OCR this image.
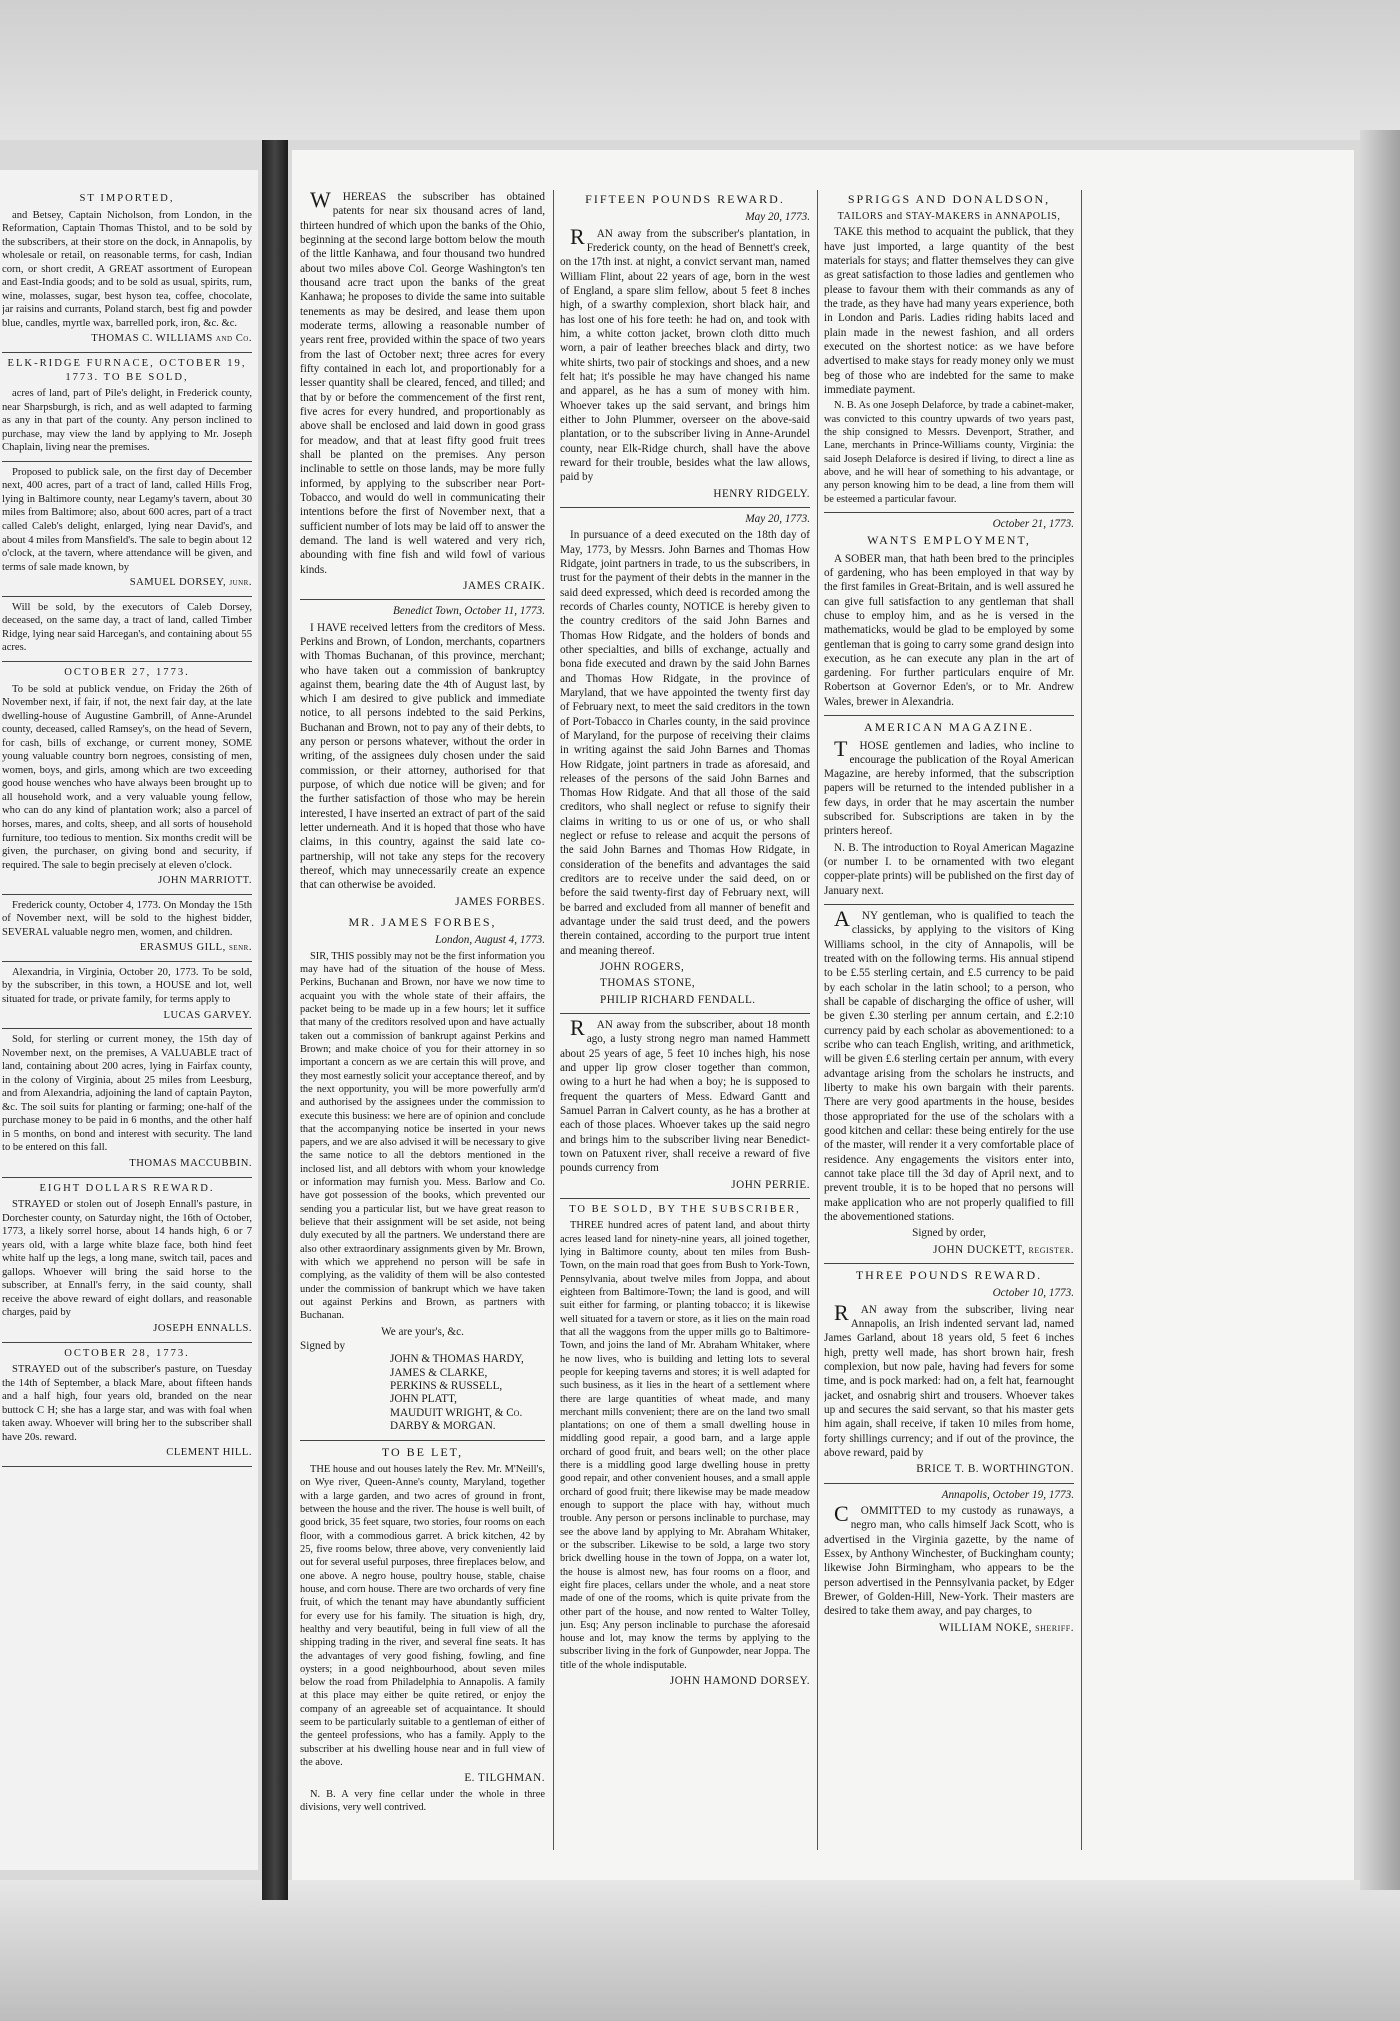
ST IMPORTED,

and Betsey, Captain Nicholson, from London, in the Reformation, Captain Thomas Thistol, and to be sold by the subscribers, at their store on the dock, in Annapolis, by wholesale or retail, on reasonable terms, for cash, Indian corn, or short credit, A GREAT assortment of European and East-India goods; and to be sold as usual, spirits, rum, wine, molasses, sugar, best hyson tea, coffee, chocolate, jar raisins and currants, Poland starch, best fig and powder blue, candles, myrtle wax, barrelled pork, iron, &c. &c.

THOMAS C. WILLIAMS and Co.
ELK-RIDGE FURNACE, OCTOBER 19, 1773. TO BE SOLD,

acres of land, part of Pile's delight, in Frederick county, near Sharpsburgh, is rich, and as well adapted to farming as any in that part of the county. Any person inclined to purchase, may view the land by applying to Mr. Joseph Chaplain, living near the premises.

Proposed to publick sale, on the first day of December next, 400 acres, part of a tract of land, called Hills Frog, lying in Baltimore county, near Legamy's tavern, about 30 miles from Baltimore; also, about 600 acres, part of a tract called Caleb's delight, enlarged, lying near David's, and about 4 miles from Mansfield's. The sale to begin about 12 o'clock, at the tavern, where attendance will be given, and terms of sale made known, by

SAMUEL DORSEY, junr.

Will be sold, by the executors of Caleb Dorsey, deceased, on the same day, a tract of land, called Timber Ridge, lying near said Harcegan's, and containing about 55 acres.

OCTOBER 27, 1773.

To be sold at publick vendue, on Friday the 26th of November next, if fair, if not, the next fair day, at the late dwelling-house of Augustine Gambrill, of Anne-Arundel county, deceased, called Ramsey's, on the head of Severn, for cash, bills of exchange, or current money, SOME young valuable country born negroes, consisting of men, women, boys, and girls, among which are two exceeding good house wenches who have always been brought up to all household work, and a very valuable young fellow, who can do any kind of plantation work; also a parcel of horses, mares, and colts, sheep, and all sorts of household furniture, too tedious to mention. Six months credit will be given, the purchaser, on giving bond and security, if required. The sale to begin precisely at eleven o'clock.

JOHN MARRIOTT.

Frederick county, October 4, 1773. On Monday the 15th of November next, will be sold to the highest bidder, SEVERAL valuable negro men, women, and children.

ERASMUS GILL, senr.

Alexandria, in Virginia, October 20, 1773. To be sold, by the subscriber, in this town, a HOUSE and lot, well situated for trade, or private family, for terms apply to

LUCAS GARVEY.

Sold, for sterling or current money, the 15th day of November next, on the premises, A VALUABLE tract of land, containing about 200 acres, lying in Fairfax county, in the colony of Virginia, about 25 miles from Leesburg, and from Alexandria, adjoining the land of captain Payton, &c. The soil suits for planting or farming; one-half of the purchase money to be paid in 6 months, and the other half in 5 months, on bond and interest with security. The land to be entered on this fall.

THOMAS MACCUBBIN.
EIGHT DOLLARS REWARD.

STRAYED or stolen out of Joseph Ennall's pasture, in Dorchester county, on Saturday night, the 16th of October, 1773, a likely sorrel horse, about 14 hands high, 6 or 7 years old, with a large white blaze face, both hind feet white half up the legs, a long mane, switch tail, paces and gallops. Whoever will bring the said horse to the subscriber, at Ennall's ferry, in the said county, shall receive the above reward of eight dollars, and reasonable charges, paid by

JOSEPH ENNALLS.
OCTOBER 28, 1773.

STRAYED out of the subscriber's pasture, on Tuesday the 14th of September, a black Mare, about fifteen hands and a half high, four years old, branded on the near buttock C H; she has a large star, and was with foal when taken away. Whoever will bring her to the subscriber shall have 20s. reward.

CLEMENT HILL.

WHEREAS the subscriber has obtained patents for near six thousand acres of land, thirteen hundred of which upon the banks of the Ohio, beginning at the second large bottom below the mouth of the little Kanhawa, and four thousand two hundred about two miles above Col. George Washington's ten thousand acre tract upon the banks of the great Kanhawa; he proposes to divide the same into suitable tenements as may be desired, and lease them upon moderate terms, allowing a reasonable number of years rent free, provided within the space of two years from the last of October next; three acres for every fifty contained in each lot, and proportionably for a lesser quantity shall be cleared, fenced, and tilled; and that by or before the commencement of the first rent, five acres for every hundred, and proportionably as above shall be enclosed and laid down in good grass for meadow, and that at least fifty good fruit trees shall be planted on the premises. Any person inclinable to settle on those lands, may be more fully informed, by applying to the subscriber near Port-Tobacco, and would do well in communicating their intentions before the first of November next, that a sufficient number of lots may be laid off to answer the demand. The land is well watered and very rich, abounding with fine fish and wild fowl of various kinds.

JAMES CRAIK.
Benedict Town, October 11, 1773.

I HAVE received letters from the creditors of Mess. Perkins and Brown, of London, merchants, copartners with Thomas Buchanan, of this province, merchant; who have taken out a commission of bankruptcy against them, bearing date the 4th of August last, by which I am desired to give publick and immediate notice, to all persons indebted to the said Perkins, Buchanan and Brown, not to pay any of their debts, to any person or persons whatever, without the order in writing, of the assignees duly chosen under the said commission, or their attorney, authorised for that purpose, of which due notice will be given; and for the further satisfaction of those who may be herein interested, I have inserted an extract of part of the said letter underneath. And it is hoped that those who have claims, in this country, against the said late co-partnership, will not take any steps for the recovery thereof, which may unnecessarily create an expence that can otherwise be avoided.

JAMES FORBES.
MR. JAMES FORBES,
London, August 4, 1773.

SIR, THIS possibly may not be the first information you may have had of the situation of the house of Mess. Perkins, Buchanan and Brown, nor have we now time to acquaint you with the whole state of their affairs, the packet being to be made up in a few hours; let it suffice that many of the creditors resolved upon and have actually taken out a commission of bankrupt against Perkins and Brown; and make choice of you for their attorney in so important a concern as we are certain this will prove, and they most earnestly solicit your acceptance thereof, and by the next opportunity, you will be more powerfully arm'd and authorised by the assignees under the commission to execute this business: we here are of opinion and conclude that the accompanying notice be inserted in your news papers, and we are also advised it will be necessary to give the same notice to all the debtors mentioned in the inclosed list, and all debtors with whom your knowledge or information may furnish you. Mess. Barlow and Co. have got possession of the books, which prevented our sending you a particular list, but we have great reason to believe that their assignment will be set aside, not being duly executed by all the partners. We understand there are also other extraordinary assignments given by Mr. Brown, with which we apprehend no person will be safe in complying, as the validity of them will be also contested under the commission of bankrupt which we have taken out against Perkins and Brown, as partners with Buchanan.

We are your's, &c.
Signed by
JOHN & THOMAS HARDY,
JAMES & CLARKE,
PERKINS & RUSSELL,
JOHN PLATT,
MAUDUIT WRIGHT, & Co.
DARBY & MORGAN.
TO BE LET,

THE house and out houses lately the Rev. Mr. M'Neill's, on Wye river, Queen-Anne's county, Maryland, together with a large garden, and two acres of ground in front, between the house and the river. The house is well built, of good brick, 35 feet square, two stories, four rooms on each floor, with a commodious garret. A brick kitchen, 42 by 25, five rooms below, three above, very conveniently laid out for several useful purposes, three fireplaces below, and one above. A negro house, poultry house, stable, chaise house, and corn house. There are two orchards of very fine fruit, of which the tenant may have abundantly sufficient for every use for his family. The situation is high, dry, healthy and very beautiful, being in full view of all the shipping trading in the river, and several fine seats. It has the advantages of very good fishing, fowling, and fine oysters; in a good neighbourhood, about seven miles below the road from Philadelphia to Annapolis. A family at this place may either be quite retired, or enjoy the company of an agreeable set of acquaintance. It should seem to be particularly suitable to a gentleman of either of the genteel professions, who has a family. Apply to the subscriber at his dwelling house near and in full view of the above.

E. TILGHMAN.

N. B. A very fine cellar under the whole in three divisions, very well contrived.

FIFTEEN POUNDS REWARD.
May 20, 1773.

RAN away from the subscriber's plantation, in Frederick county, on the head of Bennett's creek, on the 17th inst. at night, a convict servant man, named William Flint, about 22 years of age, born in the west of England, a spare slim fellow, about 5 feet 8 inches high, of a swarthy complexion, short black hair, and has lost one of his fore teeth: he had on, and took with him, a white cotton jacket, brown cloth ditto much worn, a pair of leather breeches black and dirty, two white shirts, two pair of stockings and shoes, and a new felt hat; it's possible he may have changed his name and apparel, as he has a sum of money with him. Whoever takes up the said servant, and brings him either to John Plummer, overseer on the above-said plantation, or to the subscriber living in Anne-Arundel county, near Elk-Ridge church, shall have the above reward for their trouble, besides what the law allows, paid by

HENRY RIDGELY.
May 20, 1773.

In pursuance of a deed executed on the 18th day of May, 1773, by Messrs. John Barnes and Thomas How Ridgate, joint partners in trade, to us the subscribers, in trust for the payment of their debts in the manner in the said deed expressed, which deed is recorded among the records of Charles county, NOTICE is hereby given to the country creditors of the said John Barnes and Thomas How Ridgate, and the holders of bonds and other specialties, and bills of exchange, actually and bona fide executed and drawn by the said John Barnes and Thomas How Ridgate, in the province of Maryland, that we have appointed the twenty first day of February next, to meet the said creditors in the town of Port-Tobacco in Charles county, in the said province of Maryland, for the purpose of receiving their claims in writing against the said John Barnes and Thomas How Ridgate, joint partners in trade as aforesaid, and releases of the persons of the said John Barnes and Thomas How Ridgate. And that all those of the said creditors, who shall neglect or refuse to signify their claims in writing to us or one of us, or who shall neglect or refuse to release and acquit the persons of the said John Barnes and Thomas How Ridgate, in consideration of the benefits and advantages the said creditors are to receive under the said deed, on or before the said twenty-first day of February next, will be barred and excluded from all manner of benefit and advantage under the said trust deed, and the powers therein contained, according to the purport true intent and meaning thereof.

JOHN ROGERS,
THOMAS STONE,
PHILIP RICHARD FENDALL.

RAN away from the subscriber, about 18 month ago, a lusty strong negro man named Hammett about 25 years of age, 5 feet 10 inches high, his nose and upper lip grow closer together than common, owing to a hurt he had when a boy; he is supposed to frequent the quarters of Mess. Edward Gantt and Samuel Parran in Calvert county, as he has a brother at each of those places. Whoever takes up the said negro and brings him to the subscriber living near Benedict-town on Patuxent river, shall receive a reward of five pounds currency from

JOHN PERRIE.
TO BE SOLD, BY THE SUBSCRIBER,

THREE hundred acres of patent land, and about thirty acres leased land for ninety-nine years, all joined together, lying in Baltimore county, about ten miles from Bush-Town, on the main road that goes from Bush to York-Town, Pennsylvania, about twelve miles from Joppa, and about eighteen from Baltimore-Town; the land is good, and will suit either for farming, or planting tobacco; it is likewise well situated for a tavern or store, as it lies on the main road that all the waggons from the upper mills go to Baltimore-Town, and joins the land of Mr. Abraham Whitaker, where he now lives, who is building and letting lots to several people for keeping taverns and stores; it is well adapted for such business, as it lies in the heart of a settlement where there are large quantities of wheat made, and many merchant mills convenient; there are on the land two small plantations; on one of them a small dwelling house in middling good repair, a good barn, and a large apple orchard of good fruit, and bears well; on the other place there is a middling good large dwelling house in pretty good repair, and other convenient houses, and a small apple orchard of good fruit; there likewise may be made meadow enough to support the place with hay, without much trouble. Any person or persons inclinable to purchase, may see the above land by applying to Mr. Abraham Whitaker, or the subscriber. Likewise to be sold, a large two story brick dwelling house in the town of Joppa, on a water lot, the house is almost new, has four rooms on a floor, and eight fire places, cellars under the whole, and a neat store made of one of the rooms, which is quite private from the other part of the house, and now rented to Walter Tolley, jun. Esq; Any person inclinable to purchase the aforesaid house and lot, may know the terms by applying to the subscriber living in the fork of Gunpowder, near Joppa. The title of the whole indisputable.

JOHN HAMOND DORSEY.
SPRIGGS AND DONALDSON,
TAILORS and STAY-MAKERS in ANNAPOLIS,

TAKE this method to acquaint the publick, that they have just imported, a large quantity of the best materials for stays; and flatter themselves they can give as great satisfaction to those ladies and gentlemen who please to favour them with their commands as any of the trade, as they have had many years experience, both in London and Paris. Ladies riding habits laced and plain made in the newest fashion, and all orders executed on the shortest notice: as we have before advertised to make stays for ready money only we must beg of those who are indebted for the same to make immediate payment.

N. B. As one Joseph Delaforce, by trade a cabinet-maker, was convicted to this country upwards of two years past, the ship consigned to Messrs. Devenport, Strather, and Lane, merchants in Prince-Williams county, Virginia: the said Joseph Delaforce is desired if living, to direct a line as above, and he will hear of something to his advantage, or any person knowing him to be dead, a line from them will be esteemed a particular favour.

October 21, 1773.
WANTS EMPLOYMENT,

A SOBER man, that hath been bred to the principles of gardening, who has been employed in that way by the first familes in Great-Britain, and is well assured he can give full satisfaction to any gentleman that shall chuse to employ him, and as he is versed in the mathematicks, would be glad to be employed by some gentleman that is going to carry some grand design into execution, as he can execute any plan in the art of gardening. For further particulars enquire of Mr. Robertson at Governor Eden's, or to Mr. Andrew Wales, brewer in Alexandria.

AMERICAN MAGAZINE.

THOSE gentlemen and ladies, who incline to encourage the publication of the Royal American Magazine, are hereby informed, that the subscription papers will be returned to the intended publisher in a few days, in order that he may ascertain the number subscribed for. Subscriptions are taken in by the printers hereof.

N. B. The introduction to Royal American Magazine (or number I. to be ornamented with two elegant copper-plate prints) will be published on the first day of January next.

ANY gentleman, who is qualified to teach the classicks, by applying to the visitors of King Williams school, in the city of Annapolis, will be treated with on the following terms. His annual stipend to be £.55 sterling certain, and £.5 currency to be paid by each scholar in the latin school; to a person, who shall be capable of discharging the office of usher, will be given £.30 sterling per annum certain, and £.2:10 currency paid by each scholar as abovementioned: to a scribe who can teach English, writing, and arithmetick, will be given £.6 sterling certain per annum, with every advantage arising from the scholars he instructs, and liberty to make his own bargain with their parents. There are very good apartments in the house, besides those appropriated for the use of the scholars with a good kitchen and cellar: these being entirely for the use of the master, will render it a very comfortable place of residence. Any engagements the visitors enter into, cannot take place till the 3d day of April next, and to prevent trouble, it is to be hoped that no persons will make application who are not properly qualified to fill the abovementioned stations.

Signed by order,
JOHN DUCKETT, register.
THREE POUNDS REWARD.
October 10, 1773.

RAN away from the subscriber, living near Annapolis, an Irish indented servant lad, named James Garland, about 18 years old, 5 feet 6 inches high, pretty well made, has short brown hair, fresh complexion, but now pale, having had fevers for some time, and is pock marked: had on, a felt hat, fearnought jacket, and osnabrig shirt and trousers. Whoever takes up and secures the said servant, so that his master gets him again, shall receive, if taken 10 miles from home, forty shillings currency; and if out of the province, the above reward, paid by

BRICE T. B. WORTHINGTON.
Annapolis, October 19, 1773.

COMMITTED to my custody as runaways, a negro man, who calls himself Jack Scott, who is advertised in the Virginia gazette, by the name of Essex, by Anthony Winchester, of Buckingham county; likewise John Birmingham, who appears to be the person advertised in the Pennsylvania packet, by Edger Brewer, of Golden-Hill, New-York. Their masters are desired to take them away, and pay charges, to

WILLIAM NOKE, sheriff.
